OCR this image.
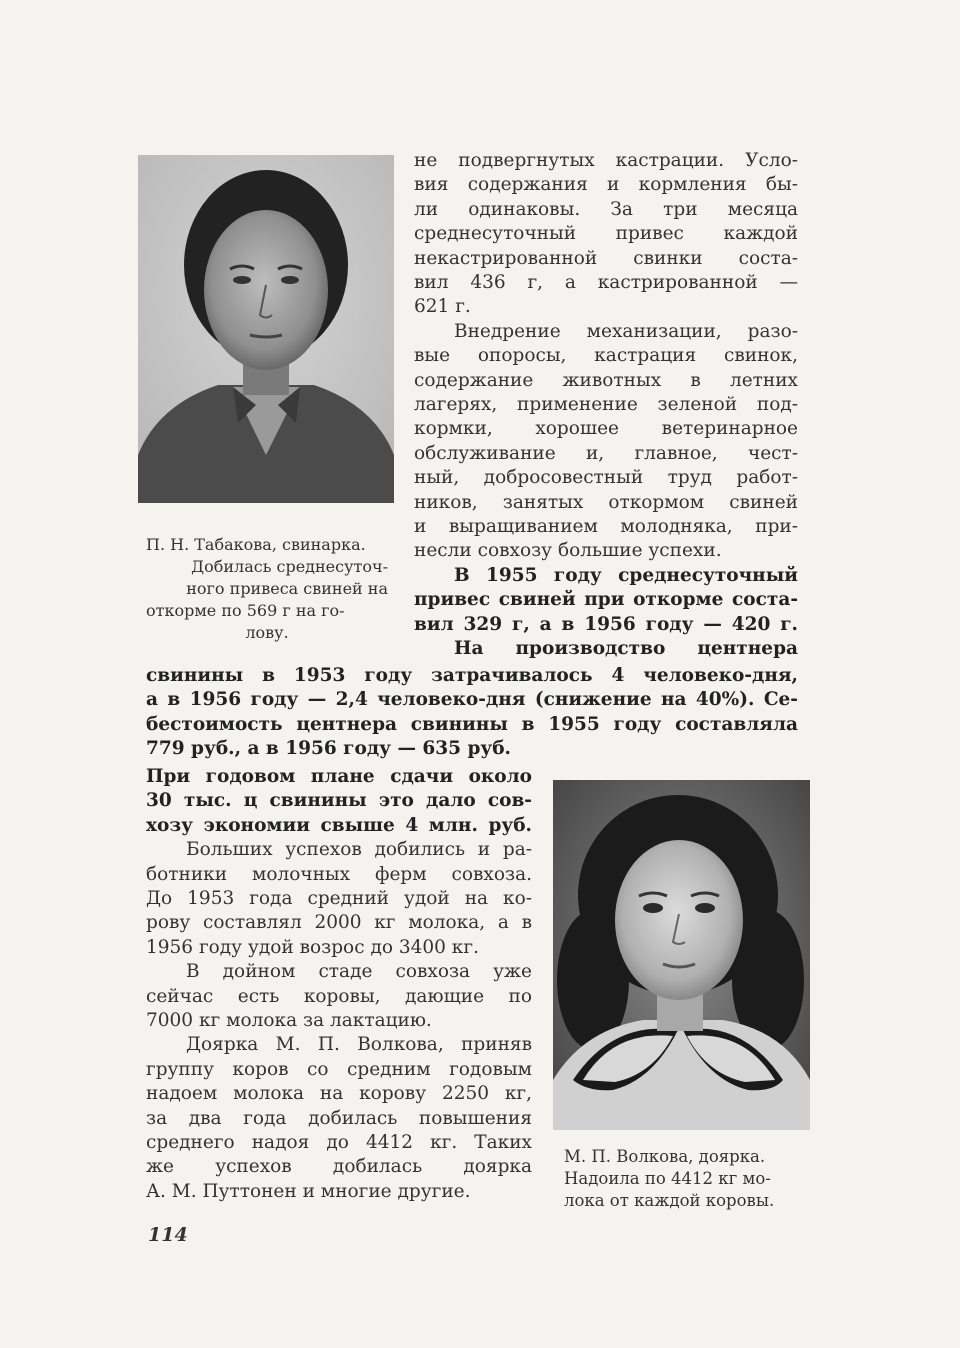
П. Н. Табакова, свинарка.
Добилась среднесуточ-
ного привеса свиней на
откорме по 569 г на го-
лову.
не подвергнутых кастрации. Усло-
вия содержания и кормления бы-
ли одинаковы. За три месяца
среднесуточный привес каждой
некастрированной свинки соста-
вил 436 г, а кастрированной —
621 г.
Внедрение механизации, разо-
вые опоросы, кастрация свинок,
содержание животных в летних
лагерях, применение зеленой под-
кормки, хорошее ветеринарное
обслуживание и, главное, чест-
ный, добросовестный труд работ-
ников, занятых откормом свиней
и выращиванием молодняка, при-
несли совхозу большие успехи.
В 1955 году среднесуточный
привес свиней при откорме соста-
вил 329 г, а в 1956 году — 420 г.
На производство центнера
свинины в 1953 году затрачивалось 4 человеко-дня,
а в 1956 году — 2,4 человеко-дня (снижение на 40%). Се-
бестоимость центнера свинины в 1955 году составляла
779 руб., а в 1956 году — 635 руб.
При годовом плане сдачи около
30 тыс. ц свинины это дало сов-
хозу экономии свыше 4 млн. руб.
Больших успехов добились и ра-
ботники молочных ферм совхоза.
До 1953 года средний удой на ко-
рову составлял 2000 кг молока, а в
1956 году удой возрос до 3400 кг.
В дойном стаде совхоза уже
сейчас есть коровы, дающие по
7000 кг молока за лактацию.
Доярка М. П. Волкова, приняв
группу коров со средним годовым
надоем молока на корову 2250 кг,
за два года добилась повышения
среднего надоя до 4412 кг. Таких
же успехов добилась доярка
А. М. Путтонен и многие другие.
М. П. Волкова, доярка.
Надоила по 4412 кг мо-
лока от каждой коровы.
114
